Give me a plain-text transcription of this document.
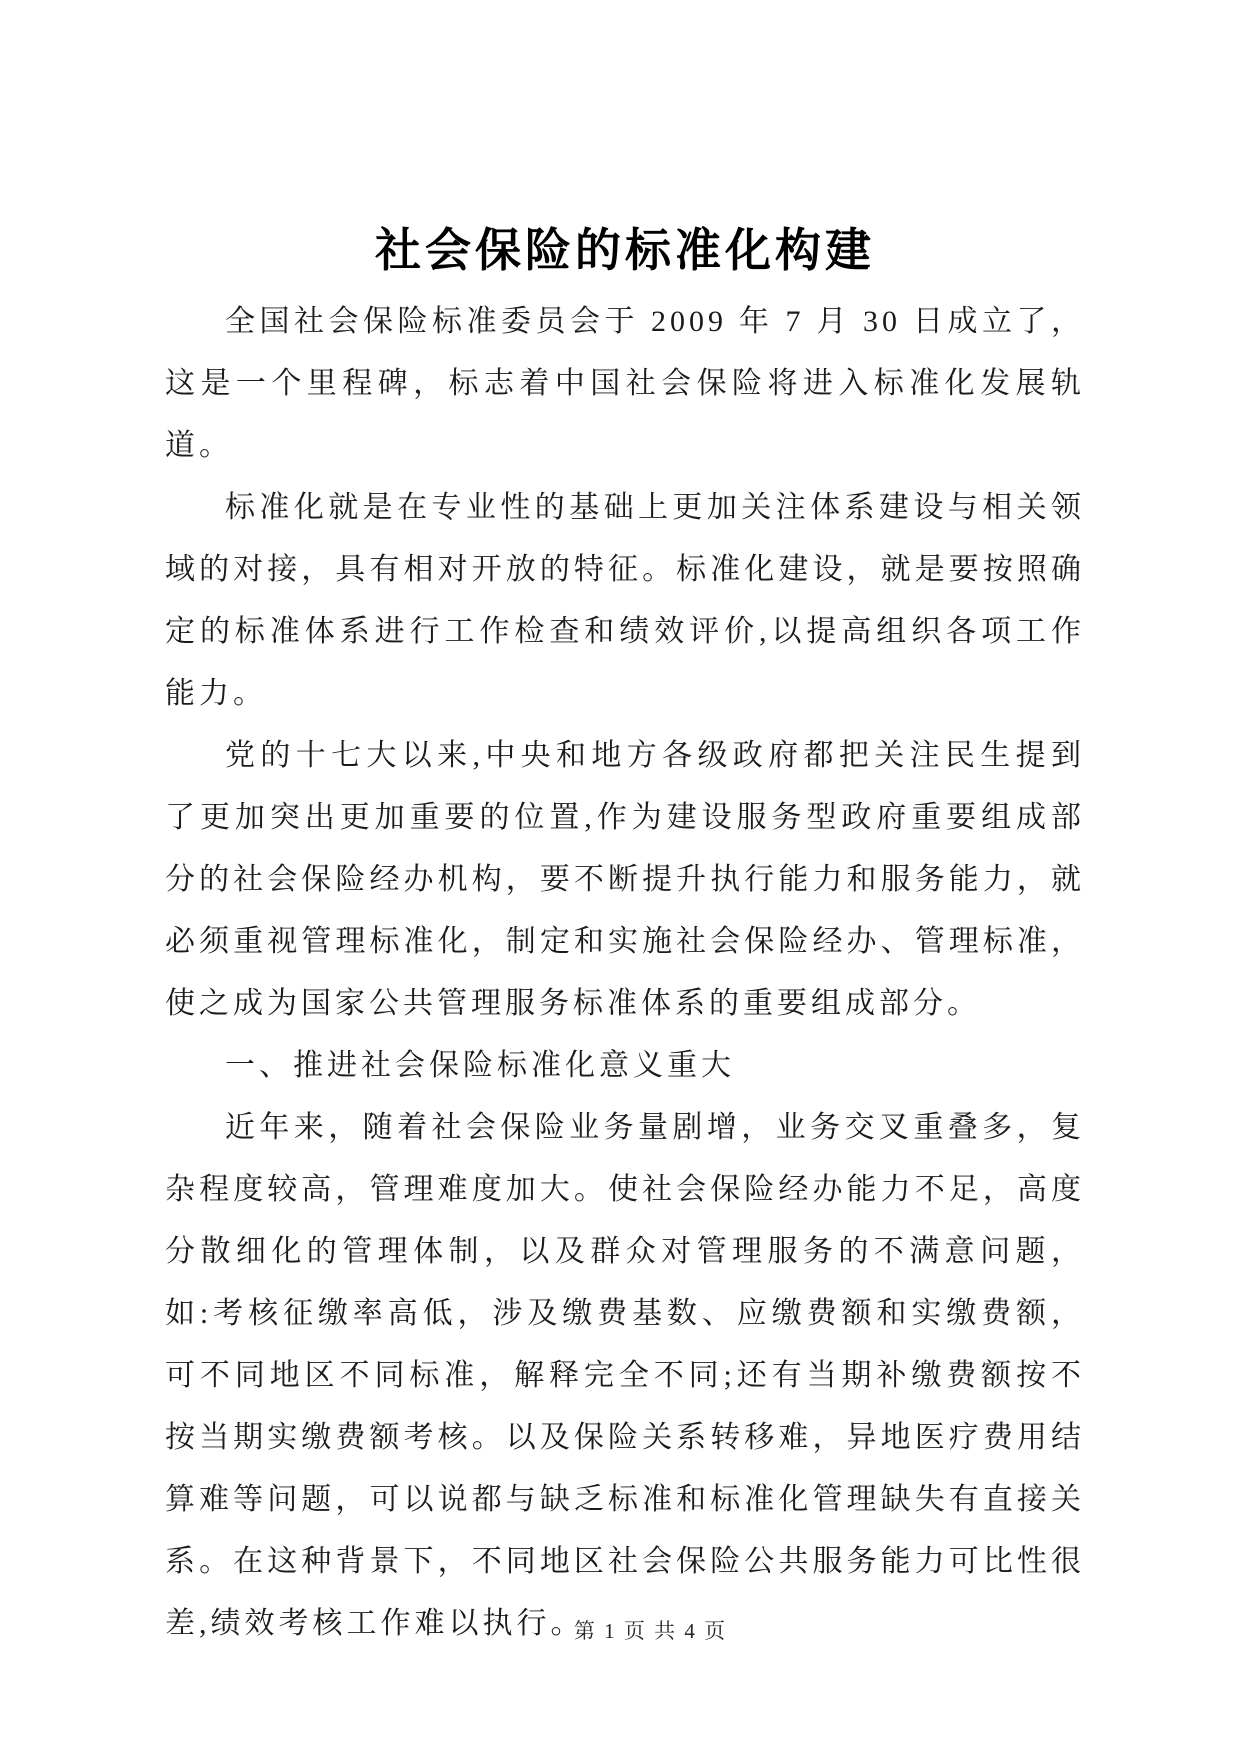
社会保险的标准化构建

全国社会保险标准委员会于 2009 年 7 月 30 日成立了，这是一个里程碑，标志着中国社会保险将进入标准化发展轨道。

标准化就是在专业性的基础上更加关注体系建设与相关领域的对接，具有相对开放的特征。标准化建设，就是要按照确定的标准体系进行工作检查和绩效评价,以提高组织各项工作能力。

党的十七大以来,中央和地方各级政府都把关注民生提到了更加突出更加重要的位置,作为建设服务型政府重要组成部分的社会保险经办机构，要不断提升执行能力和服务能力，就必须重视管理标准化，制定和实施社会保险经办、管理标准，使之成为国家公共管理服务标准体系的重要组成部分。

一、推进社会保险标准化意义重大

近年来，随着社会保险业务量剧增，业务交叉重叠多，复杂程度较高，管理难度加大。使社会保险经办能力不足，高度分散细化的管理体制，以及群众对管理服务的不满意问题，如:考核征缴率高低，涉及缴费基数、应缴费额和实缴费额，可不同地区不同标准，解释完全不同;还有当期补缴费额按不按当期实缴费额考核。以及保险关系转移难，异地医疗费用结算难等问题，可以说都与缺乏标准和标准化管理缺失有直接关系。在这种背景下，不同地区社会保险公共服务能力可比性很差,绩效考核工作难以执行。

第 1 页 共 4 页
